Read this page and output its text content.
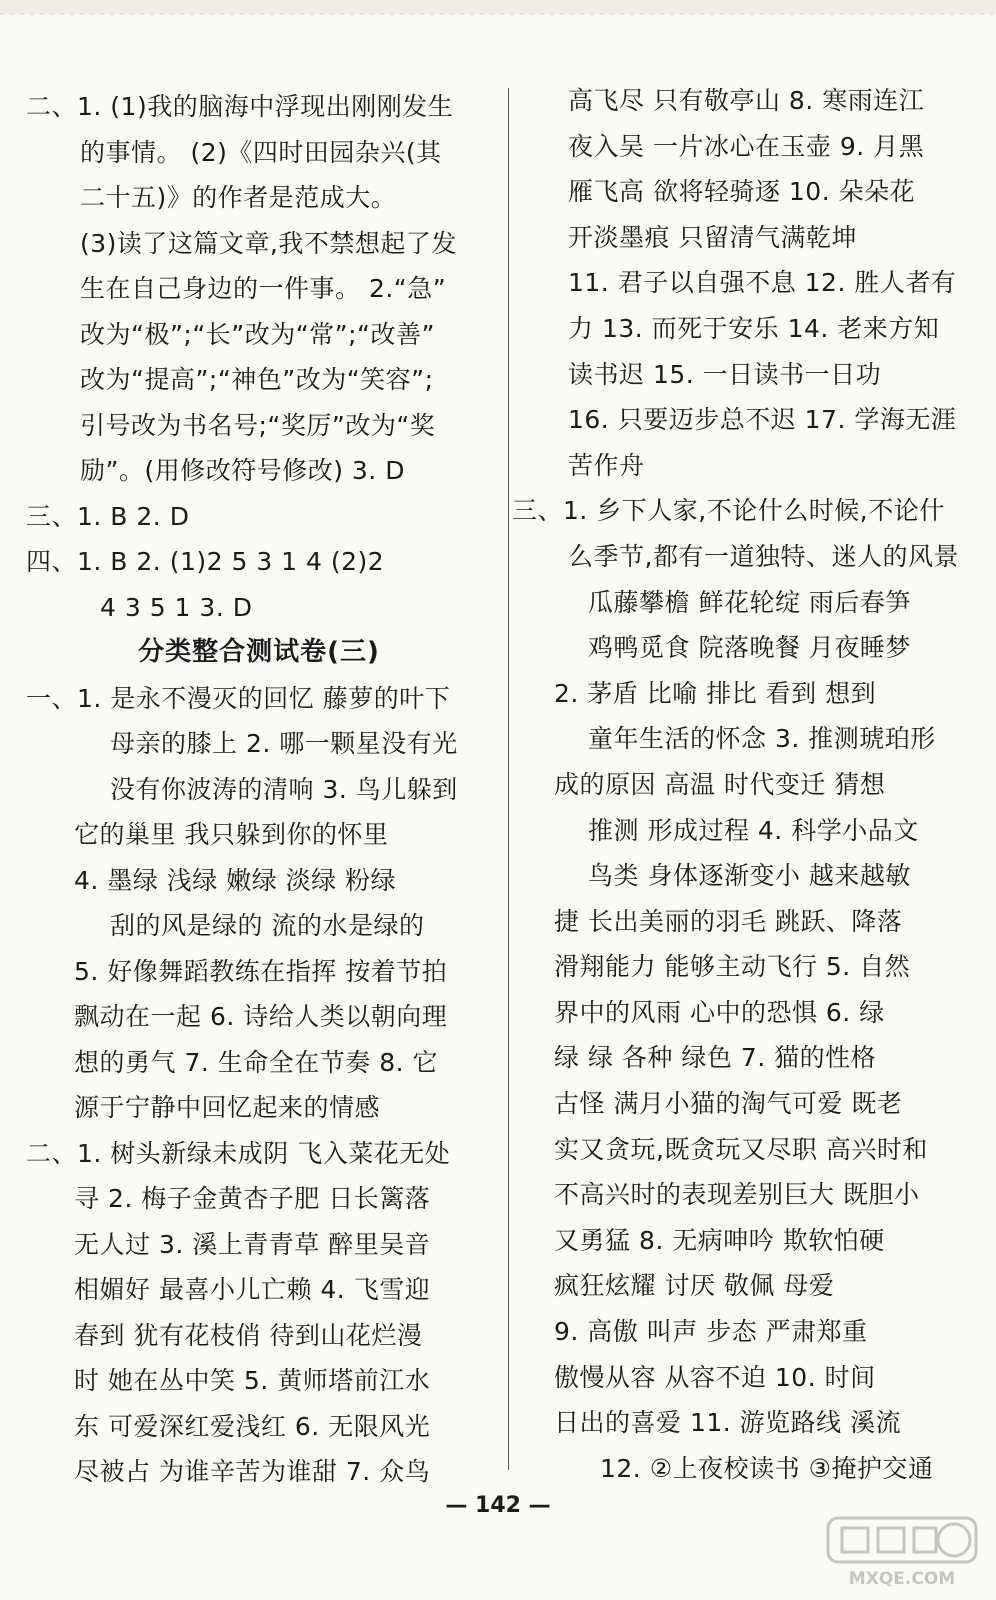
二、1. (1)我的脑海中浮现出刚刚发生
的事情。 (2)《四时田园杂兴(其
二十五)》的作者是范成大。
(3)读了这篇文章,我不禁想起了发
生在自己身边的一件事。 2.“急”
改为“极”;“长”改为“常”;“改善”
改为“提高”;“神色”改为“笑容”;
引号改为书名号;“奖厉”改为“奖
励”。(用修改符号修改) 3. D
三、1. B 2. D
四、1. B 2. (1)2 5 3 1 4 (2)2
4 3 5 1 3. D
分类整合测试卷(三)
一、1. 是永不漫灭的回忆 藤萝的叶下
母亲的膝上 2. 哪一颗星没有光
没有你波涛的清响 3. 鸟儿躲到
它的巢里 我只躲到你的怀里
4. 墨绿 浅绿 嫩绿 淡绿 粉绿
刮的风是绿的 流的水是绿的
5. 好像舞蹈教练在指挥 按着节拍
飘动在一起 6. 诗给人类以朝向理
想的勇气 7. 生命全在节奏 8. 它
源于宁静中回忆起来的情感
二、1. 树头新绿未成阴 飞入菜花无处
寻 2. 梅子金黄杏子肥 日长篱落
无人过 3. 溪上青青草 醉里吴音
相媚好 最喜小儿亡赖 4. 飞雪迎
春到 犹有花枝俏 待到山花烂漫
时 她在丛中笑 5. 黄师塔前江水
东 可爱深红爱浅红 6. 无限风光
尽被占 为谁辛苦为谁甜 7. 众鸟
高飞尽 只有敬亭山 8. 寒雨连江
夜入吴 一片冰心在玉壶 9. 月黑
雁飞高 欲将轻骑逐 10. 朵朵花
开淡墨痕 只留清气满乾坤
11. 君子以自强不息 12. 胜人者有
力 13. 而死于安乐 14. 老来方知
读书迟 15. 一日读书一日功
16. 只要迈步总不迟 17. 学海无涯
苦作舟
三、1. 乡下人家,不论什么时候,不论什
么季节,都有一道独特、迷人的风景
瓜藤攀檐 鲜花轮绽 雨后春笋
鸡鸭觅食 院落晚餐 月夜睡梦
2. 茅盾 比喻 排比 看到 想到
童年生活的怀念 3. 推测琥珀形
成的原因 高温 时代变迁 猜想
推测 形成过程 4. 科学小品文
鸟类 身体逐渐变小 越来越敏
捷 长出美丽的羽毛 跳跃、降落
滑翔能力 能够主动飞行 5. 自然
界中的风雨 心中的恐惧 6. 绿
绿 绿 各种 绿色 7. 猫的性格
古怪 满月小猫的淘气可爱 既老
实又贪玩,既贪玩又尽职 高兴时和
不高兴时的表现差别巨大 既胆小
又勇猛 8. 无病呻吟 欺软怕硬
疯狂炫耀 讨厌 敬佩 母爱
9. 高傲 叫声 步态 严肃郑重
傲慢从容 从容不迫 10. 时间
日出的喜爱 11. 游览路线 溪流
12. ②上夜校读书 ③掩护交通
— 142 —
MXQE.COM
